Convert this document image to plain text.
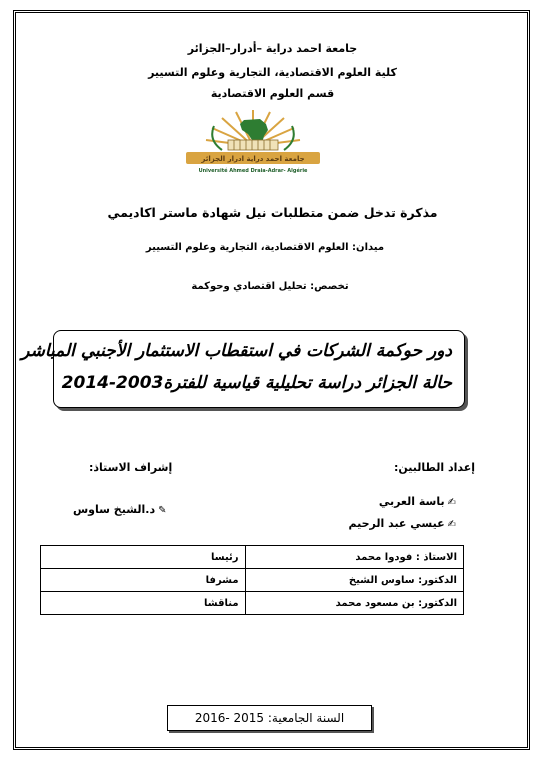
جامعة احمد دراية –أدرار–الجزائر
كلية العلوم الاقتصادية، التجارية وعلوم التسيير
قسم العلوم الاقتصادية
جامعة احمد دراية ادرار الجزائر
Université Ahmed Draia-Adrar- Algérie
مذكرة تدخل ضمن متطلبات نيل شهادة ماستر اكاديمي
ميدان: العلوم الاقتصادية، التجارية وعلوم التسيير
تخصص: تحليل اقتصادي وحوكمة
دور حوكمة الشركات في استقطاب الاستثمار الأجنبي المباشر
حالة الجزائر دراسة تحليلية قياسية للفترة2003-2014
إعداد الطالبين:
إشراف الاستاذ:
✍باسة العربي
✍عيسي عبد الرحيم
✎د.الشيخ ساوس
الاستاذ : فودوا محمد	رئيسا
الدكتور: ساوس الشيخ	مشرفا
الدكتور: بن مسعود محمد	مناقشا
السنة الجامعية: 2015 -2016
